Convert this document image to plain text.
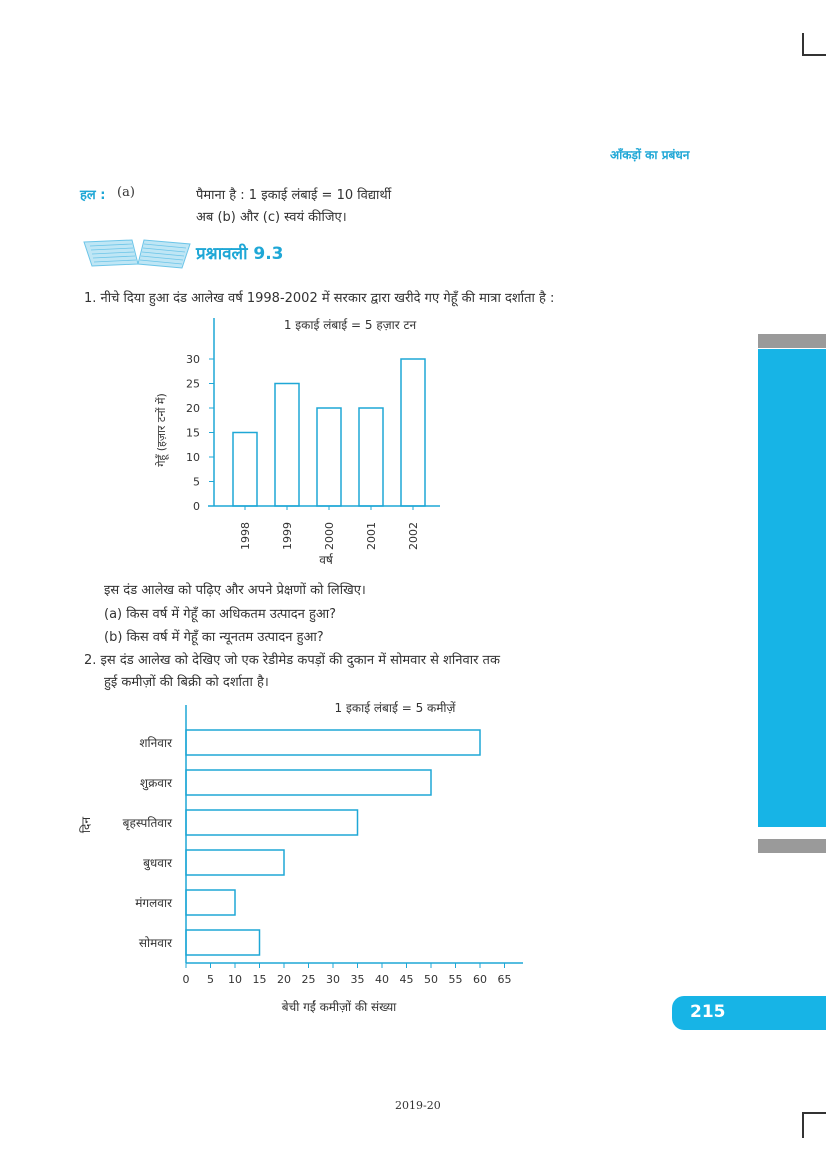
आँकड़ों का प्रबंधन
हल : (a)	पैमाना है : 1 इकाई लंबाई = 10 विद्यार्थी
अब (b) और (c) स्वयं कीजिए।
प्रश्नावली 9.3
1. नीचे दिया हुआ दंड आलेख वर्ष 1998-2002 में सरकार द्वारा खरीदे गए गेहूँ की मात्रा दर्शाता है :
1 इकाई लंबाई = 5 हज़ार टन
0
5
10
15
20
25
30
गेहूँ (हज़ार टनों में)
1998	1999	2000	2001	2002
वर्ष
इस दंड आलेख को पढ़िए और अपने प्रेक्षणों को लिखिए।
(a) किस वर्ष में गेहूँ का अधिकतम उत्पादन हुआ?
(b) किस वर्ष में गेहूँ का न्यूनतम उत्पादन हुआ?
2. इस दंड आलेख को देखिए जो एक रेडीमेड कपड़ों की दुकान में सोमवार से शनिवार तक
हुई कमीज़ों की बिक्री को दर्शाता है।
1 इकाई लंबाई = 5 कमीज़ें
शनिवार
शुक्रवार
बृहस्पतिवार
बुधवार
मंगलवार
सोमवार
0 5 10 15 20 25 30 35 40 45 50 55 60 65
बेची गईं कमीज़ों की संख्या
दिन
215
2019-20
